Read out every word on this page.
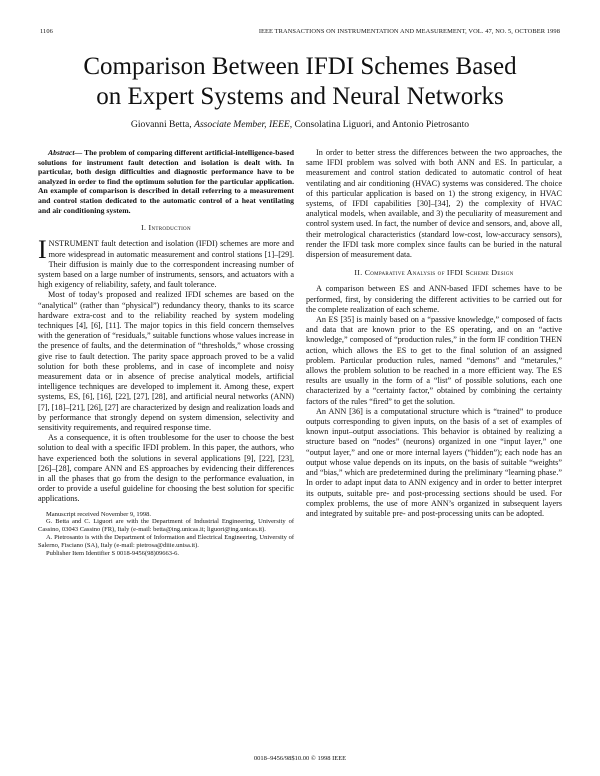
1106	IEEE TRANSACTIONS ON INSTRUMENTATION AND MEASUREMENT, VOL. 47, NO. 5, OCTOBER 1998
Comparison Between IFDI Schemes Based
on Expert Systems and Neural Networks
Giovanni Betta, Associate Member, IEEE, Consolatina Liguori, and Antonio Pietrosanto
Abstract— The problem of comparing different artificial-intelligence-based solutions for instrument fault detection and isolation is dealt with. In particular, both design difficulties and diagnostic performance have to be analyzed in order to find the optimum solution for the particular application. An example of comparison is described in detail referring to a measurement and control station dedicated to the automatic control of a heat ventilating and air conditioning system.
I. Introduction

INSTRUMENT fault detection and isolation (IFDI) schemes are more and more widespread in automatic measurement and control stations [1]–[29]. Their diffusion is mainly due to the correspondent increasing number of system based on a large number of instruments, sensors, and actuators with a high exigency of reliability, safety, and fault tolerance.

Most of today’s proposed and realized IFDI schemes are based on the “analytical” (rather than “physical”) redundancy theory, thanks to its scarce hardware extra-cost and to the reliability reached by system modeling techniques [4], [6], [11]. The major topics in this field concern themselves with the generation of “residuals,” suitable functions whose values increase in the presence of faults, and the determination of “thresholds,” whose crossing give rise to fault detection. The parity space approach proved to be a valid solution for both these problems, and in case of incomplete and noisy measurement data or in absence of precise analytical models, artificial intelligence techniques are developed to implement it. Among these, expert systems, ES, [6], [16], [22], [27], [28], and artificial neural networks (ANN) [7], [18]–[21], [26], [27] are characterized by design and realization loads and by performance that strongly depend on system dimension, selectivity and sensitivity requirements, and required response time.

As a consequence, it is often troublesome for the user to choose the best solution to deal with a specific IFDI problem. In this paper, the authors, who have experienced both the solutions in several applications [9], [22], [23], [26]–[28], compare ANN and ES approaches by evidencing their differences in all the phases that go from the design to the performance evaluation, in order to provide a useful guideline for choosing the best solution for specific applications.

Manuscript received November 9, 1998.

G. Betta and C. Liguori are with the Department of Industrial Engineering, University of Cassino, 03043 Cassino (FR), Italy (e-mail: betta@ing.unicas.it; liguori@ing.unicas.it).

A. Pietrosanto is with the Department of Information and Electrical Engineering, University of Salerno, Fisciano (SA), Italy (e-mail: pietrosa@diiie.unisa.it).

Publisher Item Identifier S 0018-9456(98)09663-6.

In order to better stress the differences between the two approaches, the same IFDI problem was solved with both ANN and ES. In particular, a measurement and control station dedicated to automatic control of heat ventilating and air conditioning (HVAC) systems was considered. The choice of this particular application is based on 1) the strong exigency, in HVAC systems, of IFDI capabilities [30]–[34], 2) the complexity of HVAC analytical models, when available, and 3) the peculiarity of measurement and control system used. In fact, the number of device and sensors, and, above all, their metrological characteristics (standard low-cost, low-accuracy sensors), render the IFDI task more complex since faults can be buried in the natural dispersion of measurement data.

II. Comparative Analysis of IFDI Scheme Design

A comparison between ES and ANN-based IFDI schemes have to be performed, first, by considering the different activities to be carried out for the complete realization of each scheme.

An ES [35] is mainly based on a “passive knowledge,” composed of facts and data that are known prior to the ES operating, and on an “active knowledge,” composed of “production rules,” in the form IF condition THEN action, which allows the ES to get to the final solution of an assigned problem. Particular production rules, named “demons” and “metarules,” allows the problem solution to be reached in a more efficient way. The ES results are usually in the form of a “list” of possible solutions, each one characterized by a “certainty factor,” obtained by combining the certainty factors of the rules “fired” to get the solution.

An ANN [36] is a computational structure which is “trained” to produce outputs corresponding to given inputs, on the basis of a set of examples of known input–output associations. This behavior is obtained by realizing a structure based on “nodes” (neurons) organized in one “input layer,” one “output layer,” and one or more internal layers (“hidden”); each node has an output whose value depends on its inputs, on the basis of suitable “weights” and “bias,” which are predetermined during the preliminary “learning phase.” In order to adapt input data to ANN exigency and in order to better interpret its outputs, suitable pre- and post-processing sections should be used. For complex problems, the use of more ANN’s organized in subsequent layers and integrated by suitable pre- and post-processing units can be adopted.

0018–9456/98$10.00 © 1998 IEEE
